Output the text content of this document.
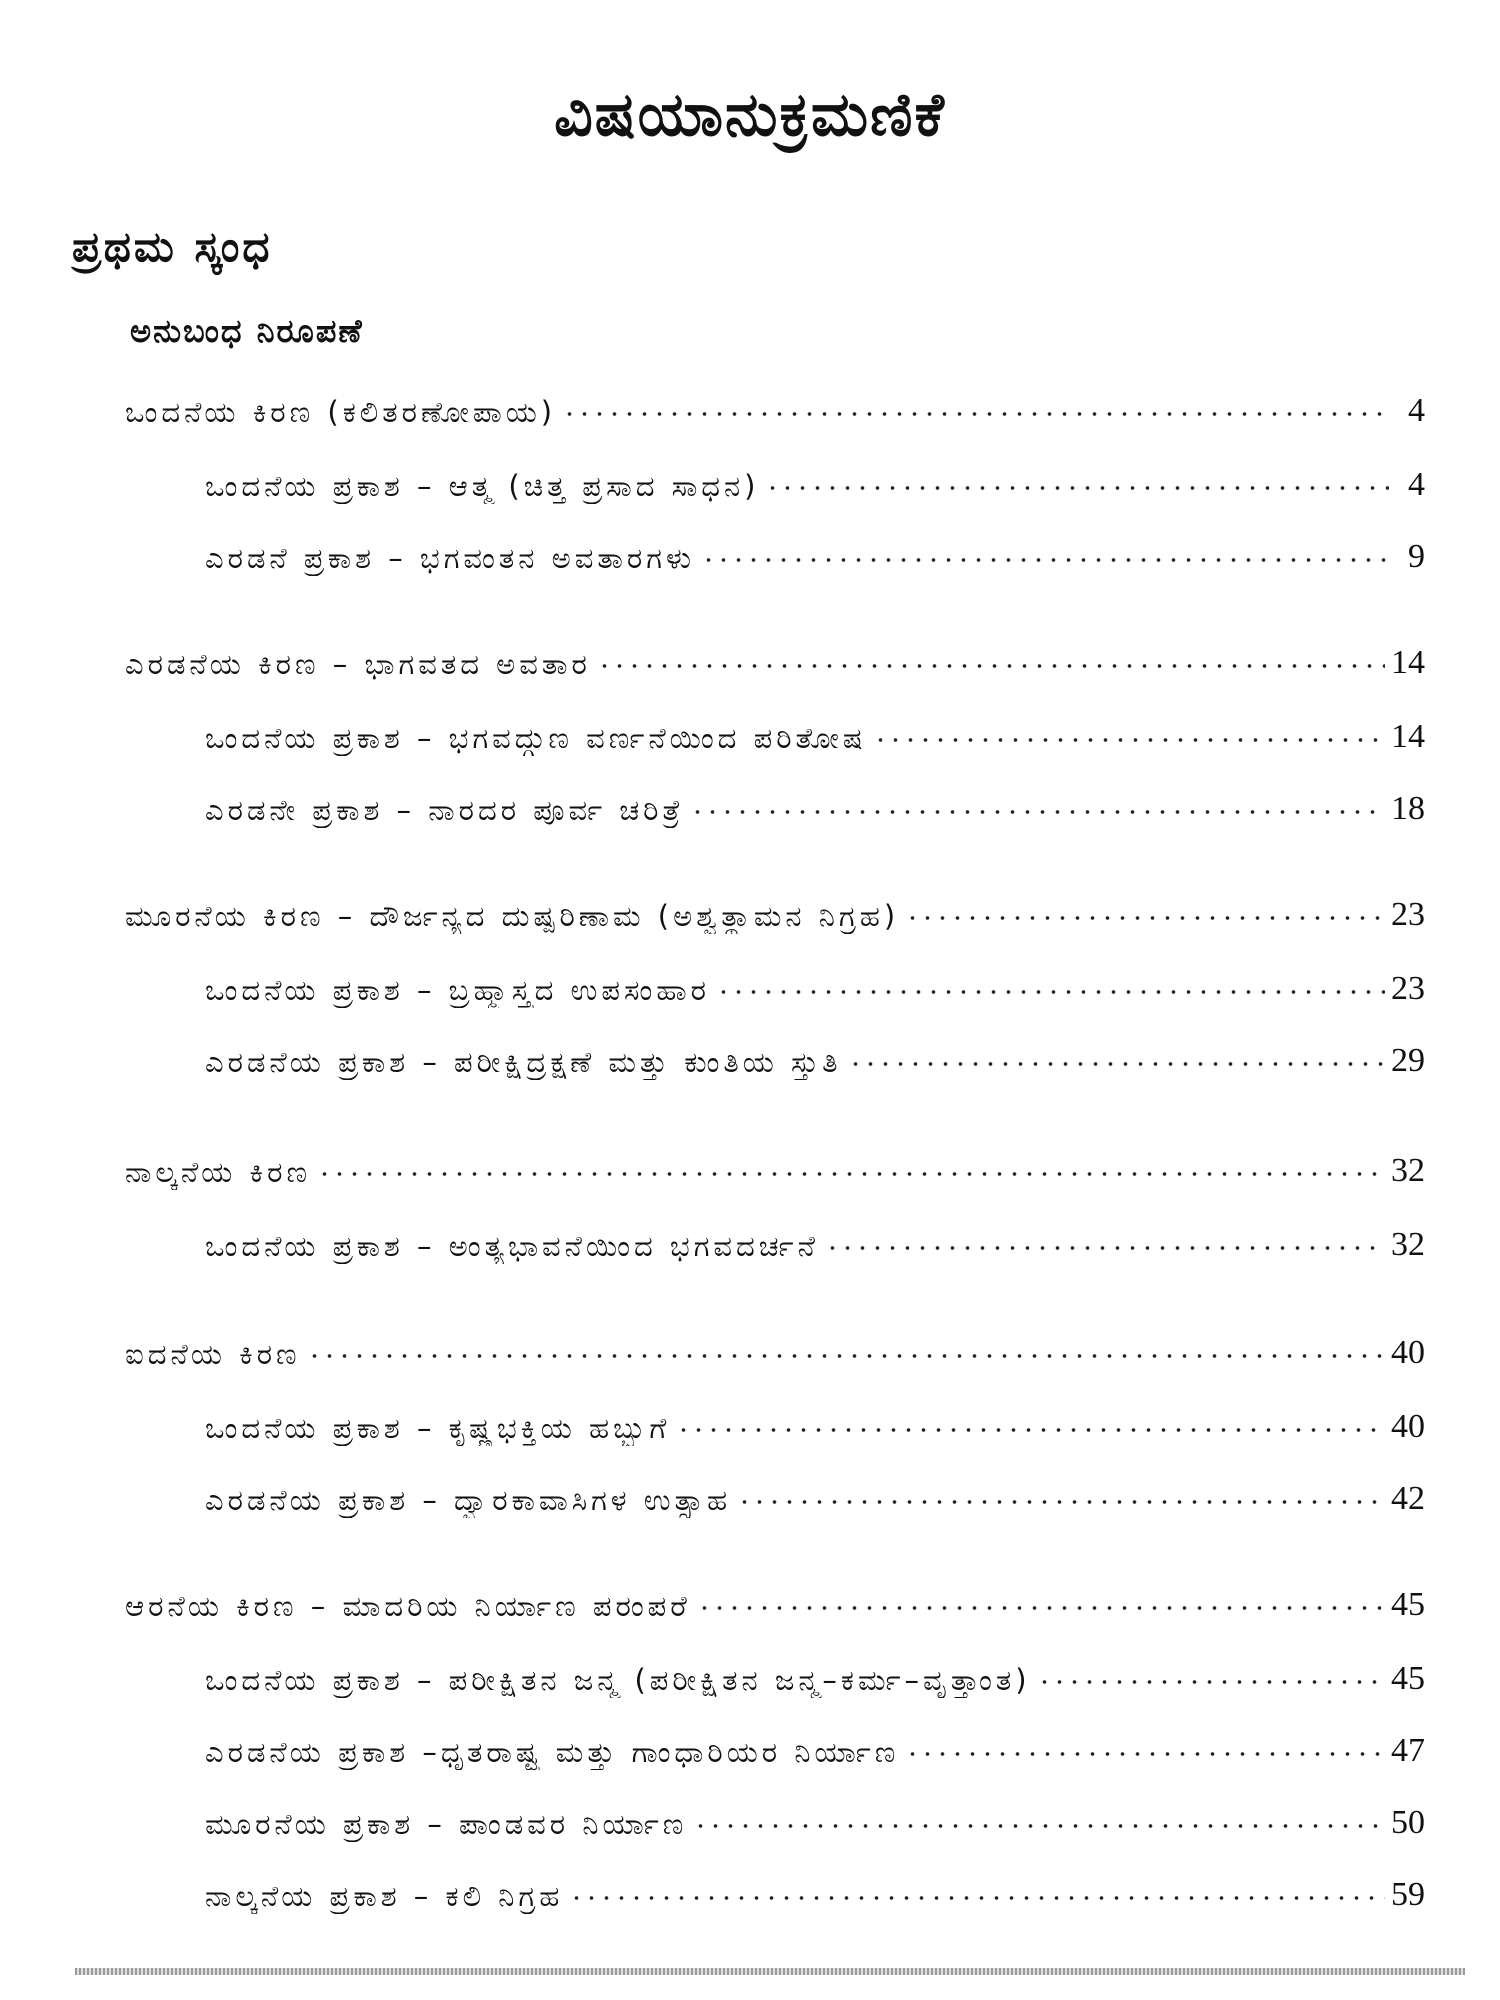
ವಿಷಯಾನುಕ್ರಮಣಿಕೆ
ಪ್ರಥಮ ಸ್ಕಂಧ
ಅನುಬಂಧ ನಿರೂಪಣೆ
ಒಂದನೆಯ ಕಿರಣ (ಕಲಿತರಣೋಪಾಯ)	4
ಒಂದನೆಯ ಪ್ರಕಾಶ – ಆತ್ಮ (ಚಿತ್ತ ಪ್ರಸಾದ ಸಾಧನ)	4
ಎರಡನೆ ಪ್ರಕಾಶ – ಭಗವಂತನ ಅವತಾರಗಳು	9
ಎರಡನೆಯ ಕಿರಣ – ಭಾಗವತದ ಅವತಾರ	14
ಒಂದನೆಯ ಪ್ರಕಾಶ – ಭಗವದ್ಗುಣ ವರ್ಣನೆಯಿಂದ ಪರಿತೋಷ	14
ಎರಡನೇ ಪ್ರಕಾಶ – ನಾರದರ ಪೂರ್ವ ಚರಿತ್ರೆ	18
ಮೂರನೆಯ ಕಿರಣ – ದೌರ್ಜನ್ಯದ ದುಷ್ಪರಿಣಾಮ (ಅಶ್ವತ್ಥಾಮನ ನಿಗ್ರಹ)	23
ಒಂದನೆಯ ಪ್ರಕಾಶ – ಬ್ರಹ್ಮಾಸ್ತ್ರದ ಉಪಸಂಹಾರ	23
ಎರಡನೆಯ ಪ್ರಕಾಶ – ಪರೀಕ್ಷಿದ್ರಕ್ಷಣೆ ಮತ್ತು ಕುಂತಿಯ ಸ್ತುತಿ	29
ನಾಲ್ಕನೆಯ ಕಿರಣ	32
ಒಂದನೆಯ ಪ್ರಕಾಶ – ಅಂತ್ಯಭಾವನೆಯಿಂದ ಭಗವದರ್ಚನೆ	32
ಐದನೆಯ ಕಿರಣ	40
ಒಂದನೆಯ ಪ್ರಕಾಶ – ಕೃಷ್ಣಭಕ್ತಿಯ ಹಬ್ಬುಗೆ	40
ಎರಡನೆಯ ಪ್ರಕಾಶ – ದ್ವಾರಕಾವಾಸಿಗಳ ಉತ್ಸಾಹ	42
ಆರನೆಯ ಕಿರಣ – ಮಾದರಿಯ ನಿರ್ಯಾಣ ಪರಂಪರೆ	45
ಒಂದನೆಯ ಪ್ರಕಾಶ – ಪರೀಕ್ಷಿತನ ಜನ್ಮ (ಪರೀಕ್ಷಿತನ ಜನ್ಮ–ಕರ್ಮ–ವೃತ್ತಾಂತ)	45
ಎರಡನೆಯ ಪ್ರಕಾಶ –ಧೃತರಾಷ್ಟ್ರ ಮತ್ತು ಗಾಂಧಾರಿಯರ ನಿರ್ಯಾಣ	47
ಮೂರನೆಯ ಪ್ರಕಾಶ – ಪಾಂಡವರ ನಿರ್ಯಾಣ	50
ನಾಲ್ಕನೆಯ ಪ್ರಕಾಶ – ಕಲಿ ನಿಗ್ರಹ	59
